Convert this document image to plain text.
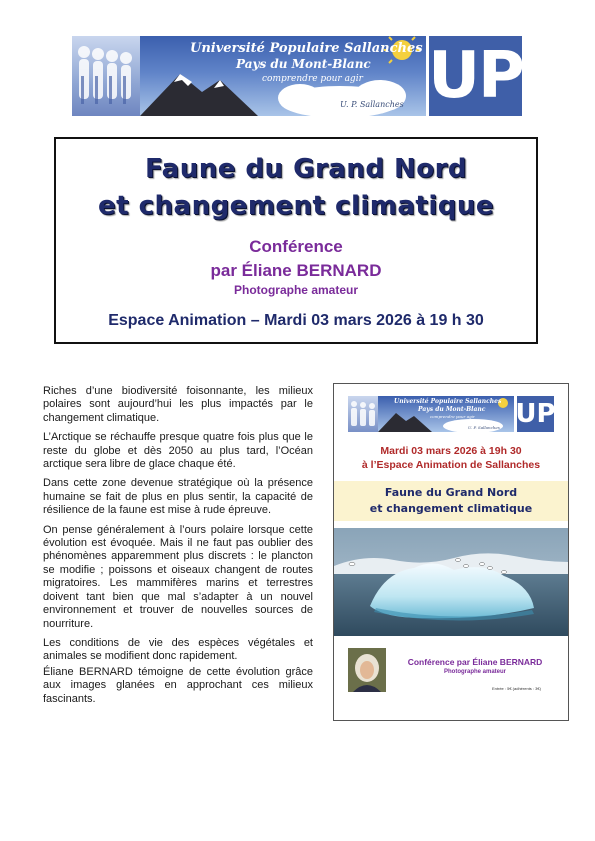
Université Populaire Sallanches
Pays du Mont-Blanc
comprendre pour agir
U. P. Sallanches UP
Faune du Grand Nord
et changement climatique
Conférence
par Éliane BERNARD
Photographe amateur
Espace Animation – Mardi 03 mars 2026 à 19 h 30

Riches d’une biodiversité foisonnante, les milieux polaires sont aujourd’hui les plus impactés par le changement climatique.

L’Arctique se réchauffe presque quatre fois plus que le reste du globe et dès 2050 au plus tard, l’Océan arctique sera libre de glace chaque été.

Dans cette zone devenue stratégique où la présence humaine se fait de plus en plus sentir, la capacité de résilience de la faune est mise à rude épreuve.

On pense généralement à l’ours polaire lorsque cette évolution est évoquée. Mais il ne faut pas oublier des phénomènes apparemment plus discrets : le plancton se modifie ; poissons et oiseaux changent de routes migratoires. Les mammifères marins et terrestres doivent tant bien que mal s’adapter à un nouvel environnement et trouver de nouvelles sources de nourriture.

Les conditions de vie des espèces végétales et animales se modifient donc rapidement.

Éliane BERNARD témoigne de cette évolution grâce aux images glanées en approchant ces milieux fascinants.

Université Populaire Sallanches
Pays du Mont-Blanc
comprendre pour agir
U. P. Sallanches UP
Mardi 03 mars 2026 à 19h 30
à l’Espace Animation de Sallanches
Faune du Grand Nord
et changement climatique
Conférence par Éliane BERNARD
Photographe amateur
Entrée : 5€ (adhérents : 3€)
